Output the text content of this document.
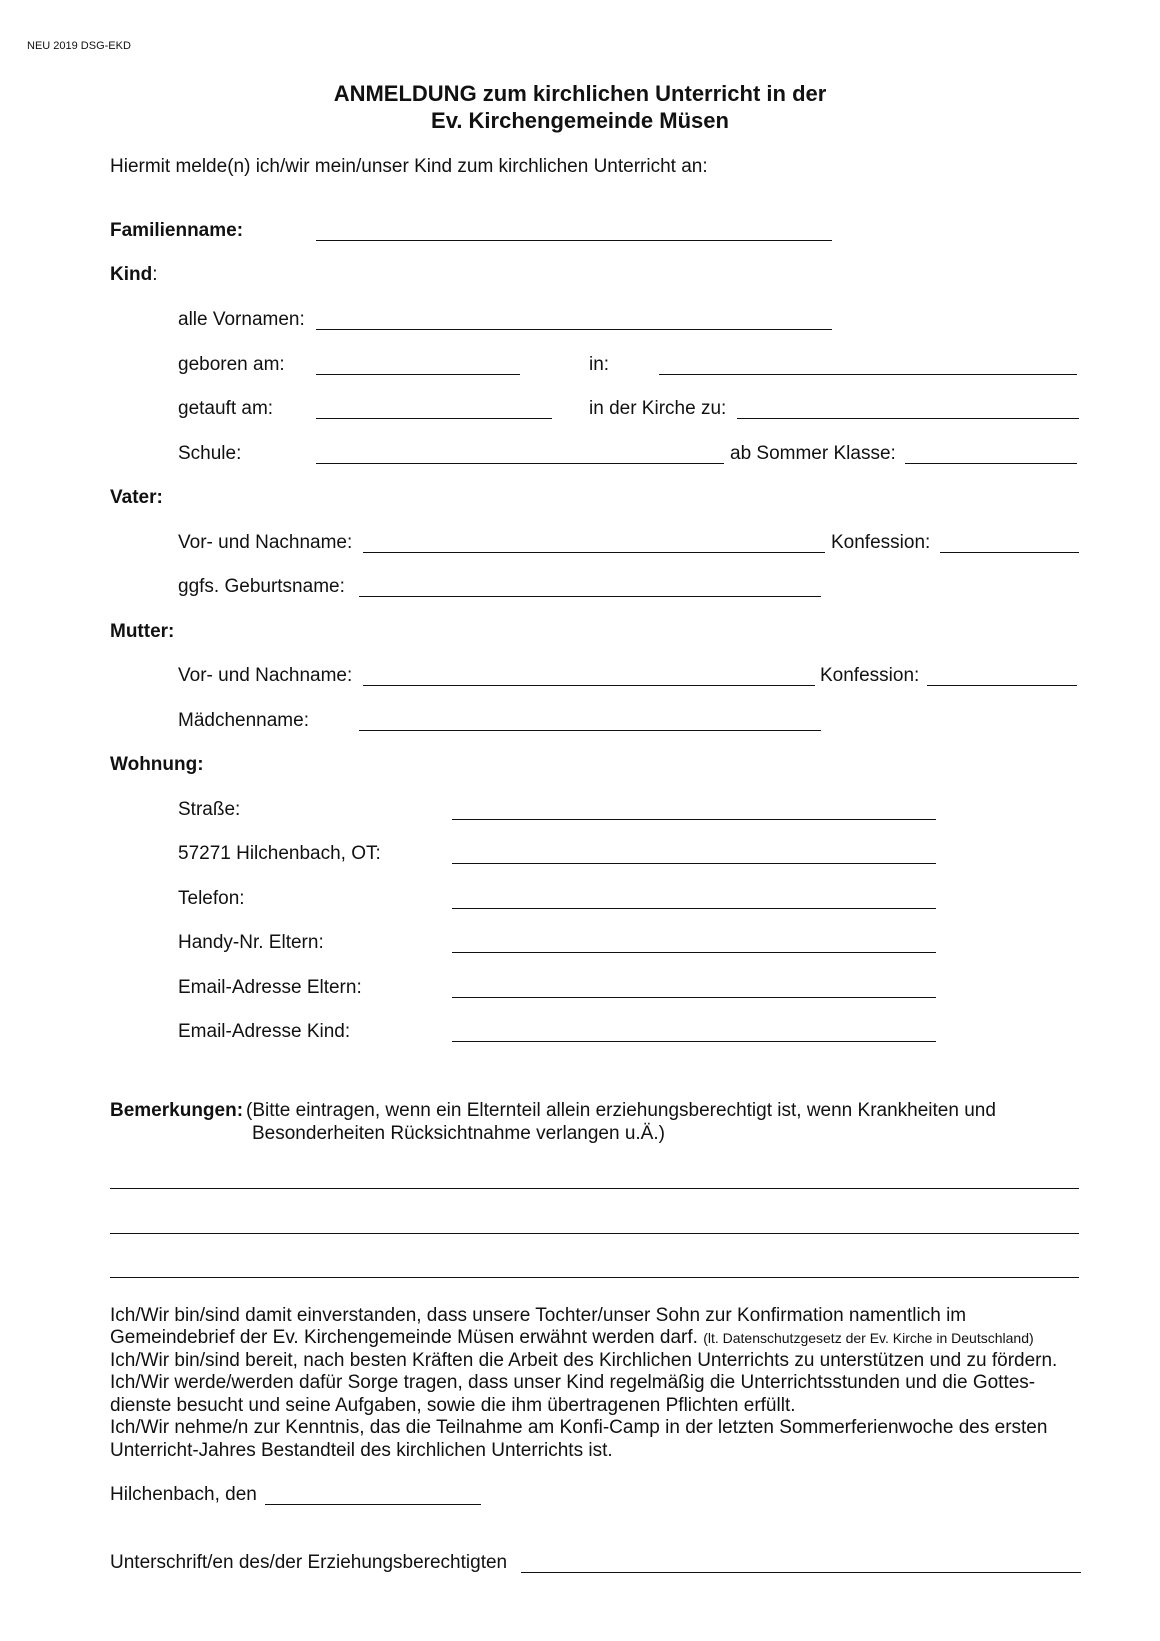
NEU 2019 DSG-EKD
ANMELDUNG zum kirchlichen Unterricht in der
Ev. Kirchengemeinde Müsen
Hiermit melde(n) ich/wir mein/unser Kind zum kirchlichen Unterricht an:
Familienname:
Kind:
alle Vornamen:
geboren am:	in:
getauft am:	in der Kirche zu:
Schule:	ab Sommer Klasse:
Vater:
Vor- und Nachname:	Konfession:
ggfs. Geburtsname:
Mutter:
Vor- und Nachname:	Konfession:
Mädchenname:
Wohnung:
Straße:
57271 Hilchenbach, OT:
Telefon:
Handy-Nr. Eltern:
Email-Adresse Eltern:
Email-Adresse Kind:
Bemerkungen: (Bitte eintragen, wenn ein Elternteil allein erziehungsberechtigt ist, wenn Krankheiten und
Besonderheiten Rücksichtnahme verlangen u.Ä.)
Ich/Wir bin/sind damit einverstanden, dass unsere Tochter/unser Sohn zur Konfirmation namentlich im
Gemeindebrief der Ev. Kirchengemeinde Müsen erwähnt werden darf. (lt. Datenschutzgesetz der Ev. Kirche in Deutschland)
Ich/Wir bin/sind bereit, nach besten Kräften die Arbeit des Kirchlichen Unterrichts zu unterstützen und zu fördern.
Ich/Wir werde/werden dafür Sorge tragen, dass unser Kind regelmäßig die Unterrichtsstunden und die Gottes-
dienste besucht und seine Aufgaben, sowie die ihm übertragenen Pflichten erfüllt.
Ich/Wir nehme/n zur Kenntnis, das die Teilnahme am Konfi-Camp in der letzten Sommerferienwoche des ersten
Unterricht-Jahres Bestandteil des kirchlichen Unterrichts ist.
Hilchenbach, den
Unterschrift/en des/der Erziehungsberechtigten
